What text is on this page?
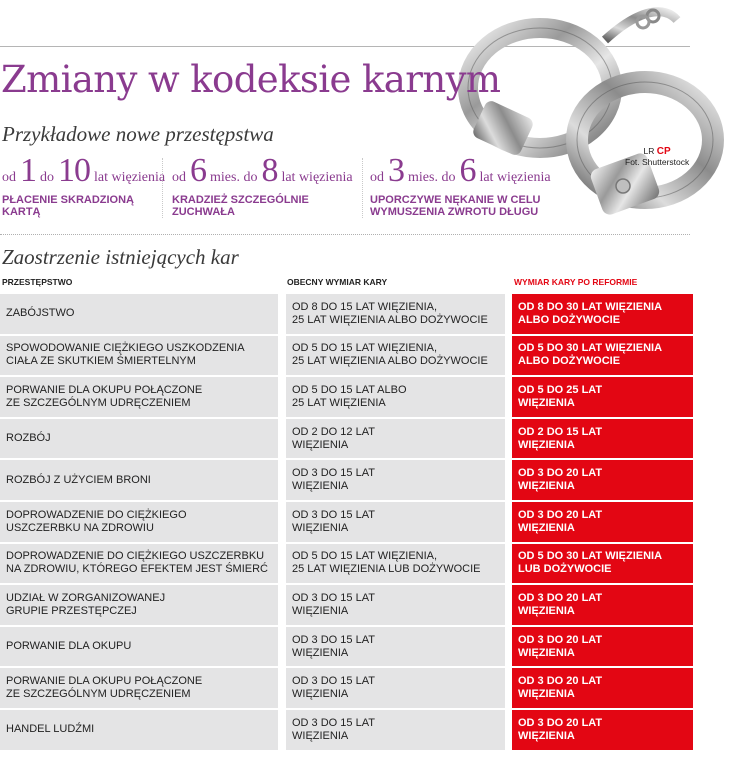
LR CP
Fot. Shutterstock
Zmiany w kodeksie karnym
Przykładowe nowe przestępstwa
od 1 do 10 lat więzienia
PŁACENIE SKRADZIONĄ KARTĄ
od 6 mies. do 8 lat więzienia
KRADZIEŻ SZCZEGÓLNIE ZUCHWAŁA
od 3 mies. do 6 lat więzienia
UPORCZYWE NĘKANIE W CELU WYMUSZENIA ZWROTU DŁUGU
Zaostrzenie istniejących kar
PRZESTĘPSTWO	OBECNY WYMIAR KARY	WYMIAR KARY PO REFORMIE
ZABÓJSTWO
OD 8 DO 15 LAT WIĘZIENIA,
25 LAT WIĘZIENIA ALBO DOŻYWOCIE
OD 8 DO 30 LAT WIĘZIENIA
ALBO DOŻYWOCIE
SPOWODOWANIE CIĘŻKIEGO USZKODZENIA
CIAŁA ZE SKUTKIEM ŚMIERTELNYM
OD 5 DO 15 LAT WIĘZIENIA,
25 LAT WIĘZIENIA ALBO DOŻYWOCIE
OD 5 DO 30 LAT WIĘZIENIA
ALBO DOŻYWOCIE
PORWANIE DLA OKUPU POŁĄCZONE
ZE SZCZEGÓLNYM UDRĘCZENIEM
OD 5 DO 15 LAT ALBO
25 LAT WIĘZIENIA
OD 5 DO 25 LAT
WIĘZIENIA
ROZBÓJ
OD 2 DO 12 LAT
WIĘZIENIA
OD 2 DO 15 LAT
WIĘZIENIA
ROZBÓJ Z UŻYCIEM BRONI
OD 3 DO 15 LAT
WIĘZIENIA
OD 3 DO 20 LAT
WIĘZIENIA
DOPROWADZENIE DO CIĘŻKIEGO
USZCZERBKU NA ZDROWIU
OD 3 DO 15 LAT
WIĘZIENIA
OD 3 DO 20 LAT
WIĘZIENIA
DOPROWADZENIE DO CIĘŻKIEGO USZCZERBKU
NA ZDROWIU, KTÓREGO EFEKTEM JEST ŚMIERĆ
OD 5 DO 15 LAT WIĘZIENIA,
25 LAT WIĘZIENIA LUB DOŻYWOCIE
OD 5 DO 30 LAT WIĘZIENIA
LUB DOŻYWOCIE
UDZIAŁ W ZORGANIZOWANEJ
GRUPIE PRZESTĘPCZEJ
OD 3 DO 15 LAT
WIĘZIENIA
OD 3 DO 20 LAT
WIĘZIENIA
PORWANIE DLA OKUPU
OD 3 DO 15 LAT
WIĘZIENIA
OD 3 DO 20 LAT
WIĘZIENIA
PORWANIE DLA OKUPU POŁĄCZONE
ZE SZCZEGÓLNYM UDRĘCZENIEM
OD 3 DO 15 LAT
WIĘZIENIA
OD 3 DO 20 LAT
WIĘZIENIA
HANDEL LUDŹMI
OD 3 DO 15 LAT
WIĘZIENIA
OD 3 DO 20 LAT
WIĘZIENIA
